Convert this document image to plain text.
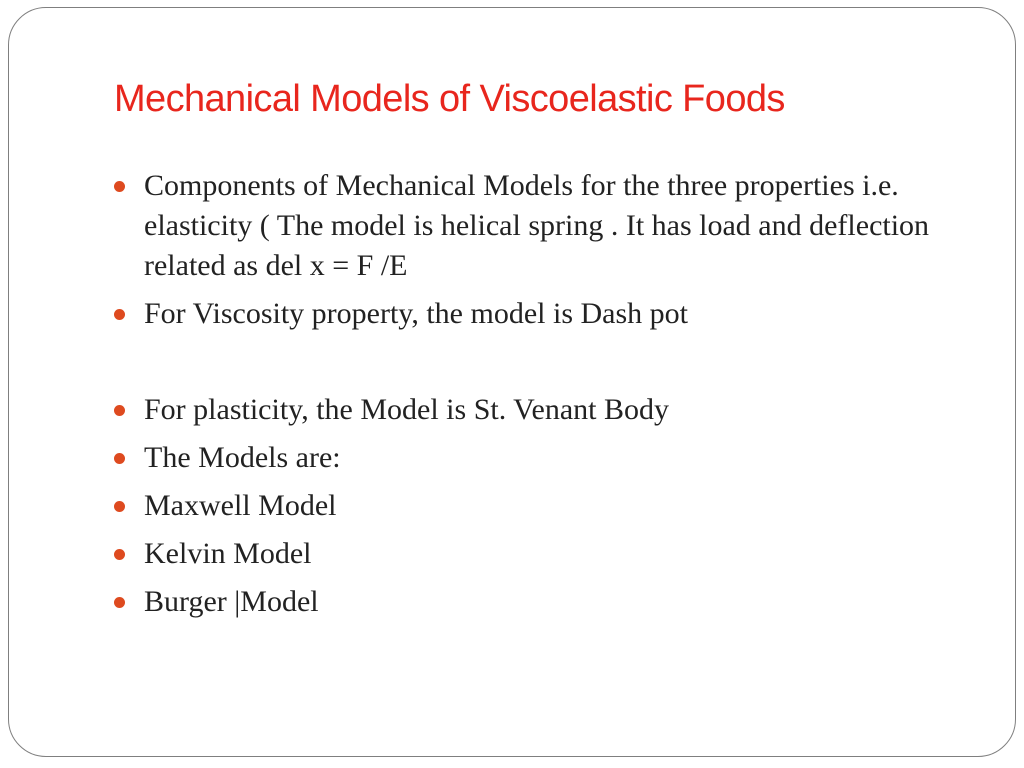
Mechanical Models of Viscoelastic Foods
Components of Mechanical Models for the three properties i.e. elasticity ( The model is helical spring . It has load and deflection related as del x = F /E
For Viscosity property, the model is Dash pot
For plasticity, the Model is St. Venant Body
The Models are:
Maxwell Model
Kelvin Model
Burger |Model
